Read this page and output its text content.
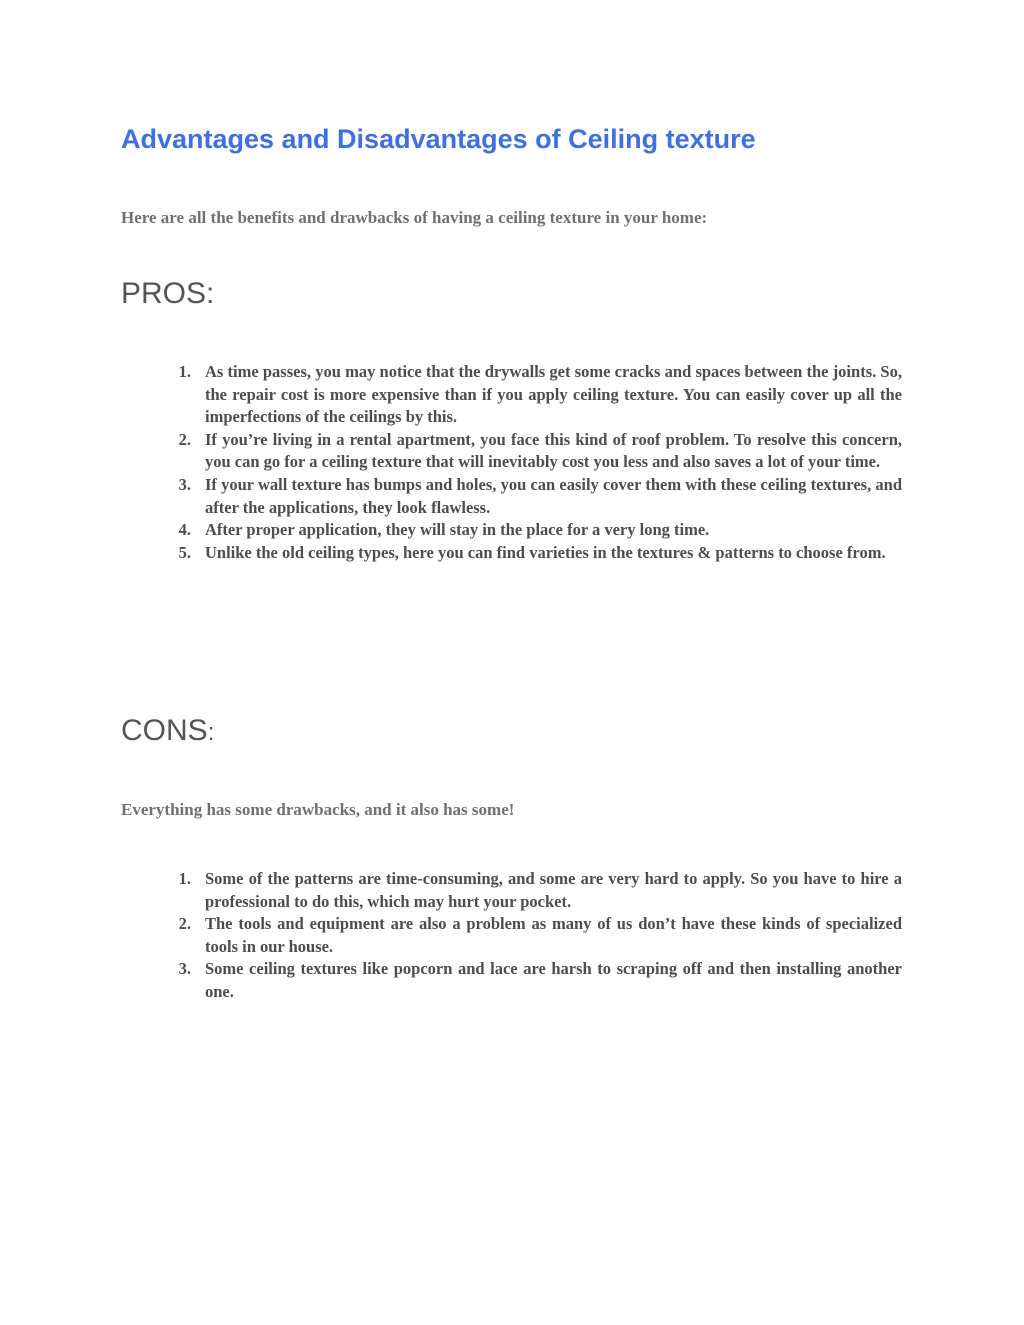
Advantages and Disadvantages of Ceiling texture

Here are all the benefits and drawbacks of having a ceiling texture in your home:

PROS:
1. As time passes, you may notice that the drywalls get some cracks and spaces between the joints. So, the repair cost is more expensive than if you apply ceiling texture. You can easily cover up all the imperfections of the ceilings by this.
2. If you’re living in a rental apartment, you face this kind of roof problem. To resolve this concern, you can go for a ceiling texture that will inevitably cost you less and also saves a lot of your time.
3. If your wall texture has bumps and holes, you can easily cover them with these ceiling textures, and after the applications, they look flawless.
4. After proper application, they will stay in the place for a very long time.
5. Unlike the old ceiling types, here you can find varieties in the textures & patterns to choose from.
CONS:

Everything has some drawbacks, and it also has some!

1. Some of the patterns are time-consuming, and some are very hard to apply. So you have to hire a professional to do this, which may hurt your pocket.
2. The tools and equipment are also a problem as many of us don’t have these kinds of specialized tools in our house.
3. Some ceiling textures like popcorn and lace are harsh to scraping off and then installing another one.
